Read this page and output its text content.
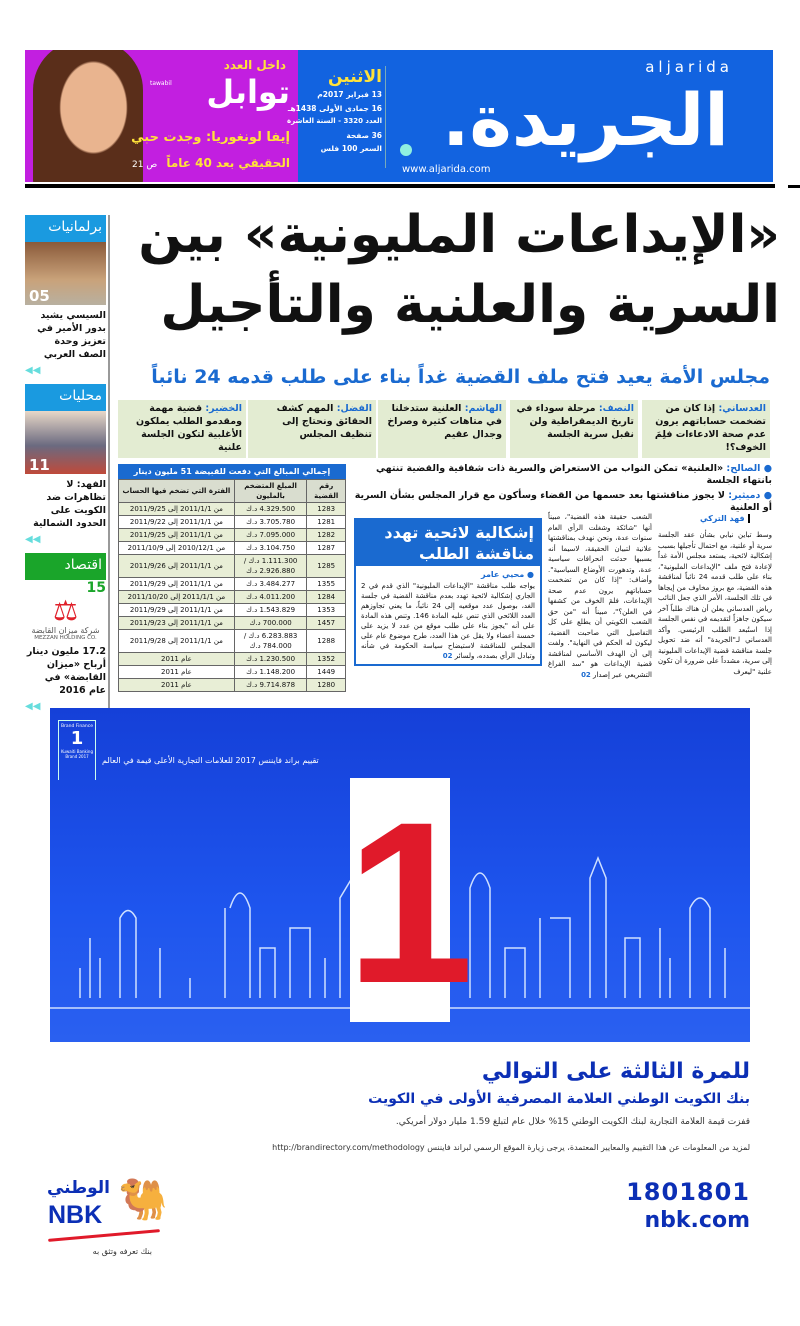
داخل العدد
توابل
tawabil
إيفا لونغوريا: وجدت حبي
الحقيقي بعد 40 عاماً ص 21
الاثنين
13 فبراير 2017م
16 جمادى الأولى 1438هـ
العدد 3320 - السنة العاشرة
36 صفحة
السعر 100 فلس
aljarida
الجريدة.
www.aljarida.com
برلمانيات
05
السيسي يشيد بدور الأمير في تعزيز وحدة الصف العربي
◀◀
محليات
11
الفهد: لا تظاهرات ضد الكويت على الحدود الشمالية
◀◀
اقتصاد
15
⚖
شركة ميزان القابضة
MEZZAN HOLDING CO.
17.2 مليون دينار أرباح «ميزان القابضة» في عام 2016
◀◀
«الإيداعات المليونية» بين
السرية والعلنية والتأجيل
مجلس الأمة يعيد فتح ملف القضية غداً بناء على طلب قدمه 24 نائباً
العدساني: إذا كان من تضخمت حساباتهم يرون عدم صحة الادعاءات فلِمَ الخوف؟!
النصف: مرحلة سوداء في تاريخ الديمقراطية ولن نقبل سرية الجلسة
الهاشم: العلنية ستدخلنا في متاهات كثيرة وصراخ وجدال عقيم
الفضل: المهم كشف الحقائق ونحتاج إلى تنظيف المجلس
الخضير: قضية مهمة ومقدمو الطلب يملكون الأغلبية لتكون الجلسة علنية
● الصالح: «العلنية» تمكن النواب من الاستعراض والسرية ذات شفافية والقضية تنتهي بانتهاء الجلسة
● دميثير: لا يجوز مناقشتها بعد حسمها من القضاء وسأكون مع قرار المجلس بشأن السرية أو العلنية
إجمالي المبالغ التي دفعت للقبيضة 51 مليون دينار
رقم القضية	المبلغ المتضخم بالمليون	الفترة التي تضخم فيها الحساب
1283	4.329.500 د.ك	من 2011/1/1 إلى 2011/9/25
1281	3.705.780 د.ك	من 2011/1/1 إلى 2011/9/22
1282	7.095.000 د.ك	من 2011/1/1 إلى 2011/9/25
1287	3.104.750 د.ك	من 2010/12/1 إلى 2011/10/9
1285	1.111.300 د.ك / 2.926.880 د.ك	من 2011/1/1 إلى 2011/9/26
1355	3.484.277 د.ك	من 2011/1/1 إلى 2011/9/29
1284	4.011.200 د.ك	من 2011/1/1 إلى 2011/10/20
1353	1.543.829 د.ك	من 2011/1/1 إلى 2011/9/29
1457	700.000 د.ك	من 2011/1/1 إلى 2011/9/23
1288	6.283.883 د.ك / 784.000 د.ك	من 2011/1/1 إلى 2011/9/28
1352	1.230.500 د.ك	عام 2011
1449	1.148.200 د.ك	عام 2011
1280	9.714.878 د.ك	عام 2011
فهد التركي
وسط تباين نيابي بشأن عقد الجلسة سرية أو علنية، مع احتمال تأجيلها بسبب إشكالية لائحية، يستعد مجلس الأمة غداً لإعادة فتح ملف "الإيداعات المليونية"، بناء على طلب قدمه 24 نائباً لمناقشة هذه القضية، مع بروز مخاوف من إيجاها في تلك الجلسة، الأمر الذي جعل النائب رياض العدساني يعلن أن هناك طلباً آخر سيكون جاهزاً لتقديمه في نفس الجلسة إذا استُبعد الطلب الرئيسي. وأكد العدساني لـ"الجريدة" أنه ضد تحويل جلسة مناقشة قضية الإيداعات المليونية إلى سرية، مشدداً على ضرورة أن تكون علنية "ليعرف
الشعب حقيقة هذه القضية"، مبيناً أنها "شائكة وشغلت الرأي العام سنوات عدة، ونحن نهدف بمناقشتها علانية لتبيان الحقيقة، لاسيما أنه بسببها حدثت انحرافات سياسية عدة، وتدهورت الأوضاع السياسية". وأضاف: "إذا كان من تضخمت حساباتهم يرون عدم صحة الإيداعات، فلمَ الخوف من كشفها في العلن؟"، مبيناً أنه "من حق الشعب الكويتي أن يطلع على كل التفاصيل التي صاحبت القضية، ليكون له الحكم في النهاية". ولفت إلى أن الهدف الأساسي لمناقشة قضية الإيداعات هو "سد الفراغ التشريعي عبر إصدار 02
إشكالية لائحية تهدد مناقشة الطلب
● محيي عامر
يواجه طلب مناقشة "الإيداعات المليونية" الذي قدم في 2 الجاري إشكالية لائحية تهدد بعدم مناقشة القضية في جلسة الغد، بوصول عدد موقعيه إلى 24 نائباً، ما يعني تجاوزهم العدد اللائحي الذي تنص عليه المادة 146. وتنص هذه المادة على أنه "يجوز بناء على طلب موقع من عدد لا يزيد على خمسة أعضاء ولا يقل عن هذا العدد، طرح موضوع عام على المجلس للمناقشة لاستيضاح سياسة الحكومة في شأنه وتبادل الرأي بصدده، ولسائر 02
Brand Finance
1
Kuwaiti Banking Brand 2017	تقييم براند فايننس 2017 للعلامات التجارية الأعلى قيمة في العالم
1
للمرة الثالثة على التوالي
بنك الكويت الوطني العلامة المصرفية الأولى في الكويت
قفزت قيمة العلامة التجارية لبنك الكويت الوطني 15% خلال عام لتبلغ 1.59 مليار دولار أمريكي.
لمزيد من المعلومات عن هذا التقييم والمعايير المعتمدة، يرجى زيارة الموقع الرسمي لبراند فايننس http://brandirectory.com/methodology
1801801
nbk.com
الوطني
NBK 🐫
بنك تعرفه وتثق به
